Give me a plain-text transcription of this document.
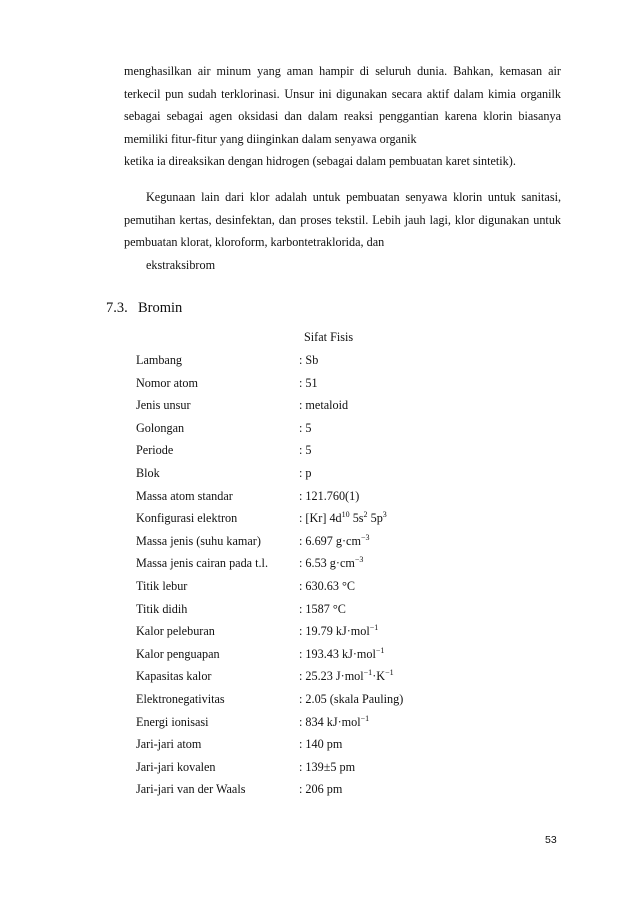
menghasilkan air minum yang aman hampir di seluruh dunia. Bahkan, kemasan air terkecil pun sudah terklorinasi. Unsur ini digunakan secara aktif dalam kimia organilk sebagai sebagai agen oksidasi dan dalam reaksi penggantian karena klorin biasanya memiliki fitur-fitur yang diinginkan dalam senyawa organik
ketika ia direaksikan dengan hidrogen (sebagai dalam pembuatan karet sintetik).

Kegunaan lain dari klor adalah untuk pembuatan senyawa klorin untuk sanitasi, pemutihan kertas, desinfektan, dan proses tekstil. Lebih jauh lagi, klor digunakan untuk pembuatan klorat, kloroform, karbontetraklorida, dan
ekstraksibrom

7.3. Bromin
Sifat Fisis
Lambang	: Sb
Nomor atom	: 51
Jenis unsur	: metaloid
Golongan	: 5
Periode	: 5
Blok	: p
Massa atom standar	: 121.760(1)
Konfigurasi elektron	: [Kr] $4d^{10}$ $5s^2$ $5p^3$
Massa jenis (suhu kamar)	: 6.697 $g\cdot cm^{-3}$
Massa jenis cairan pada t.l.	: 6.53 $g\cdot cm^{-3}$
Titik lebur	: 630.63 °C
Titik didih	: 1587 °C
Kalor peleburan	: 19.79 kJ·mol$^{-1}$
Kalor penguapan	: 193.43 kJ·mol$^{-1}$
Kapasitas kalor	: 25.23 $J\cdot mol^{-1}\cdot K^{-1}$
Elektronegativitas	: 2.05 (skala Pauling)
Energi ionisasi	: 834 kJ·mol$^{-1}$
Jari-jari atom	: 140 pm
Jari-jari kovalen	: 139±5 pm
Jari-jari van der Waals	: 206 pm
53
